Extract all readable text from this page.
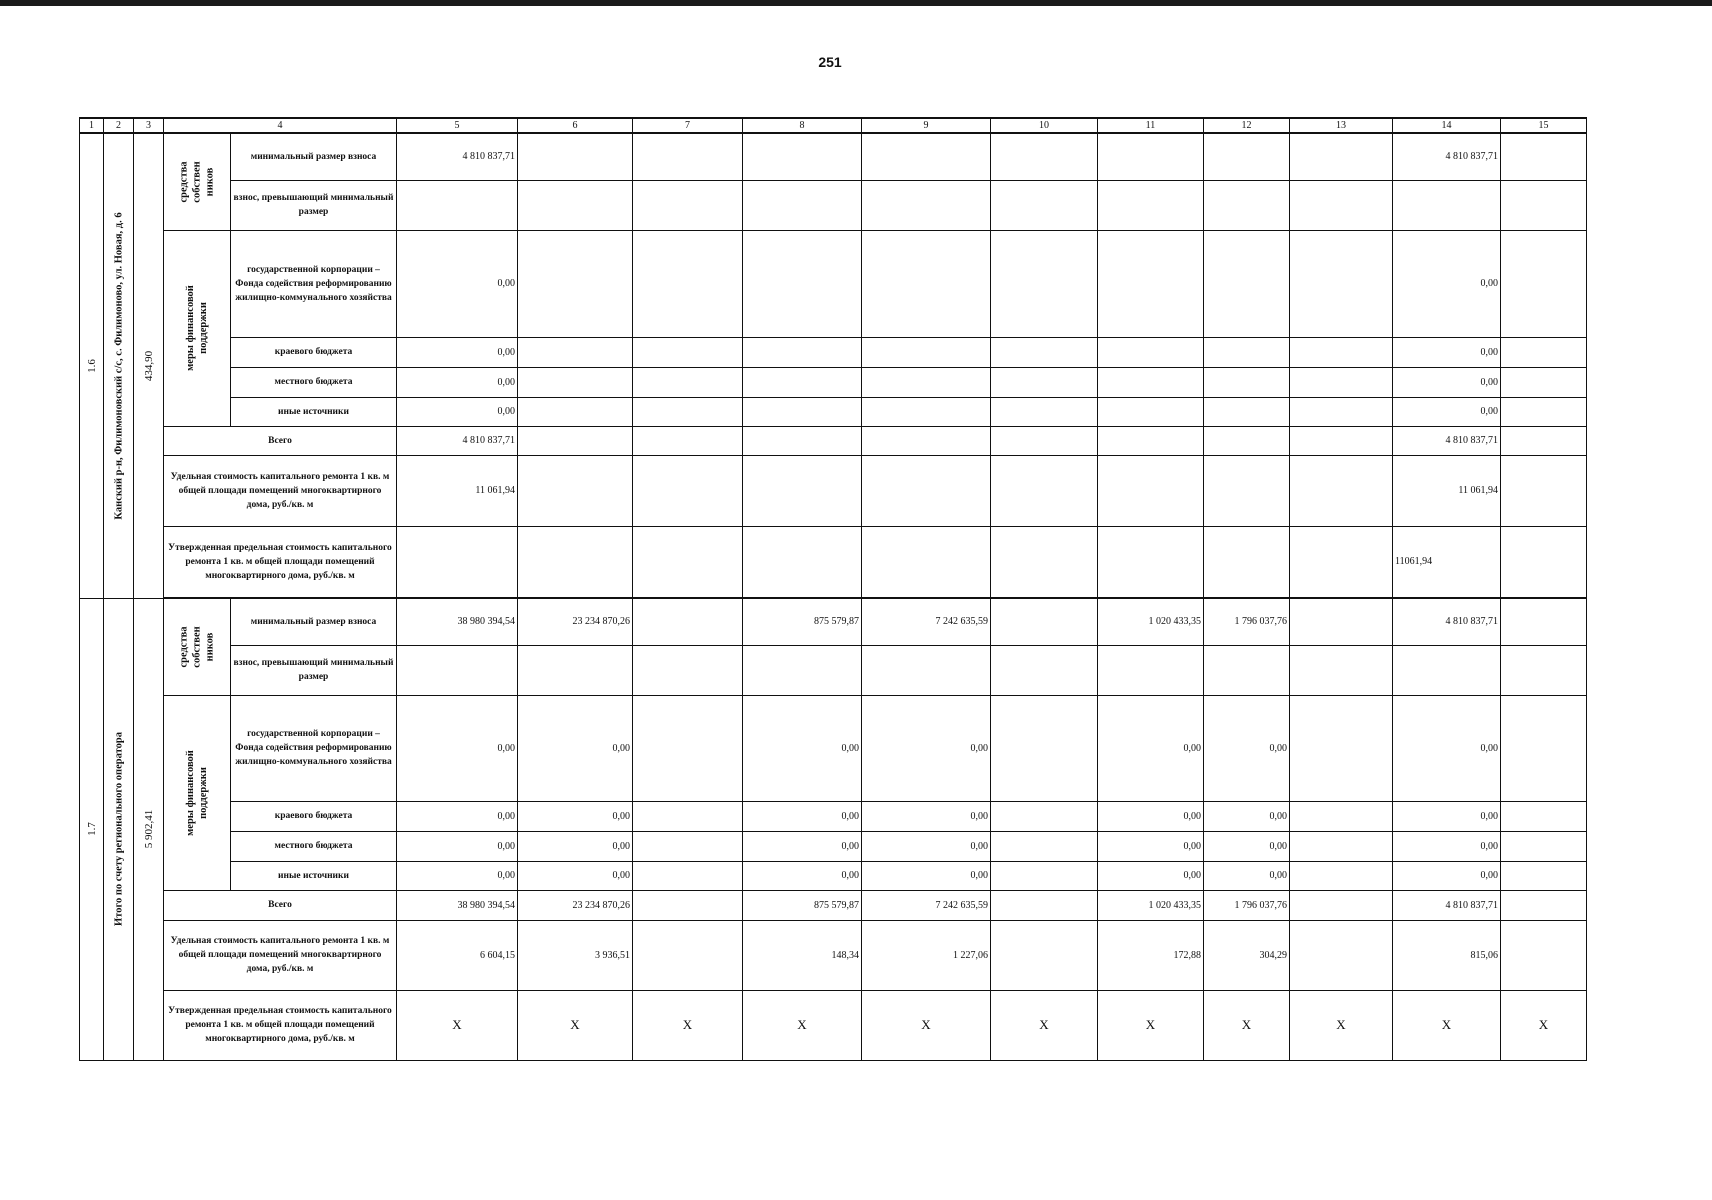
251
1	2	3	4		5	6	7	8	9	10	11	12	13	14	15

1.6	Канский р-н, Филимоновский с/с, с. Филимоново, ул. Новая, д. 6	434,90	средства собствен ников	минимальный размер взноса	4 810 837,71									4 810 837,71	
				взнос, превышающий минимальный размер											

			меры финансовой поддержки	государственной корпорации – Фонда содействия реформированию жилищно-коммунального хозяйства	0,00									0,00	
				краевого бюджета	0,00									0,00	
				местного бюджета	0,00									0,00	
				иные источники	0,00									0,00	
			Всего		4 810 837,71									4 810 837,71	
			Удельная стоимость капитального ремонта 1 кв. м общей площади помещений многоквартирного дома, руб./кв. м		11 061,94									11 061,94	
			Утвержденная предельная стоимость капитального ремонта 1 кв. м общей площади помещений многоквартирного дома, руб./кв. м											11061,94	

1.7	Итого по счету регионального оператора	5 902,41	средства собствен ников	минимальный размер взноса	38 980 394,54	23 234 870,26		875 579,87	7 242 635,59		1 020 433,35	1 796 037,76		4 810 837,71	
				взнос, превышающий минимальный размер											

			меры финансовой поддержки	государственной корпорации – Фонда содействия реформированию жилищно-коммунального хозяйства	0,00	0,00		0,00	0,00		0,00	0,00		0,00	
				краевого бюджета	0,00	0,00		0,00	0,00		0,00	0,00		0,00	
				местного бюджета	0,00	0,00		0,00	0,00		0,00	0,00		0,00	
				иные источники	0,00	0,00		0,00	0,00		0,00	0,00		0,00	
			Всего		38 980 394,54	23 234 870,26		875 579,87	7 242 635,59		1 020 433,35	1 796 037,76		4 810 837,71	
			Удельная стоимость капитального ремонта 1 кв. м общей площади помещений многоквартирного дома, руб./кв. м		6 604,15	3 936,51		148,34	1 227,06		172,88	304,29		815,06	
			Утвержденная предельная стоимость капитального ремонта 1 кв. м общей площади помещений многоквартирного дома, руб./кв. м		X	X	X	X	X	X	X	X	X	X	X
